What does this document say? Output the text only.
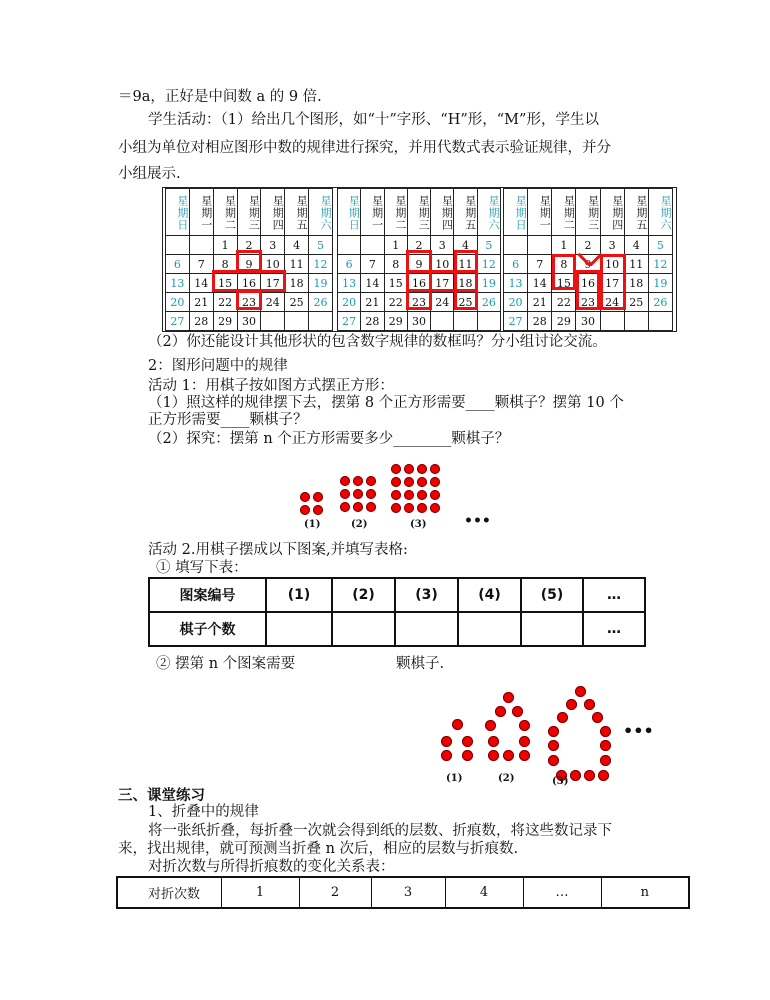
＝9a，正好是中间数 a 的 9 倍.
学生活动：（1）给出几个图形，如“十”字形、“H”形，“M”形，学生以
小组为单位对相应图形中数的规律进行探究，并用代数式表示验证规律，并分
小组展示.
星期日	星期一	星期二	星期三	星期四	星期五	星期六
		1	2	3	4	5
6	7	8	9	10	11	12
13	14	15	16	17	18	19
20	21	22	23	24	25	26
27	28	29	30			
星期日	星期一	星期二	星期三	星期四	星期五	星期六
		1	2	3	4	5
6	7	8	9	10	11	12
13	14	15	16	17	18	19
20	21	22	23	24	25	26
27	28	29	30			
星期日	星期一	星期二	星期三	星期四	星期五	星期六
		1	2	3	4	5
6	7	8		10	11	12
13	14	15	16	17	18	19
20	21	22	23	24	25	26
27	28	29	30			
（2）你还能设计其他形状的包含数字规律的数框吗？分小组讨论交流。
2：图形问题中的规律
活动 1：用棋子按如图方式摆正方形：
（1）照这样的规律摆下去，摆第 8 个正方形需要____颗棋子？摆第 10 个
正方形需要____颗棋子？
（2）探究：摆第 n 个正方形需要多少________颗棋子？
(1)	(2)	(3)	•••
活动 2.用棋子摆成以下图案,并填写表格:
① 填写下表：
图案编号	(1)	(2)	(3)	(4)	(5)	…
棋子个数						…
② 摆第 n 个图案需要	颗棋子.
(1)	(2)	(3)
•••
三、课堂练习
1、折叠中的规律
将一张纸折叠，每折叠一次就会得到纸的层数、折痕数，将这些数记录下
来，找出规律，就可预测当折叠 n 次后，相应的层数与折痕数.
对折次数与所得折痕数的变化关系表：
对折次数	1	2	3	4	…	n
